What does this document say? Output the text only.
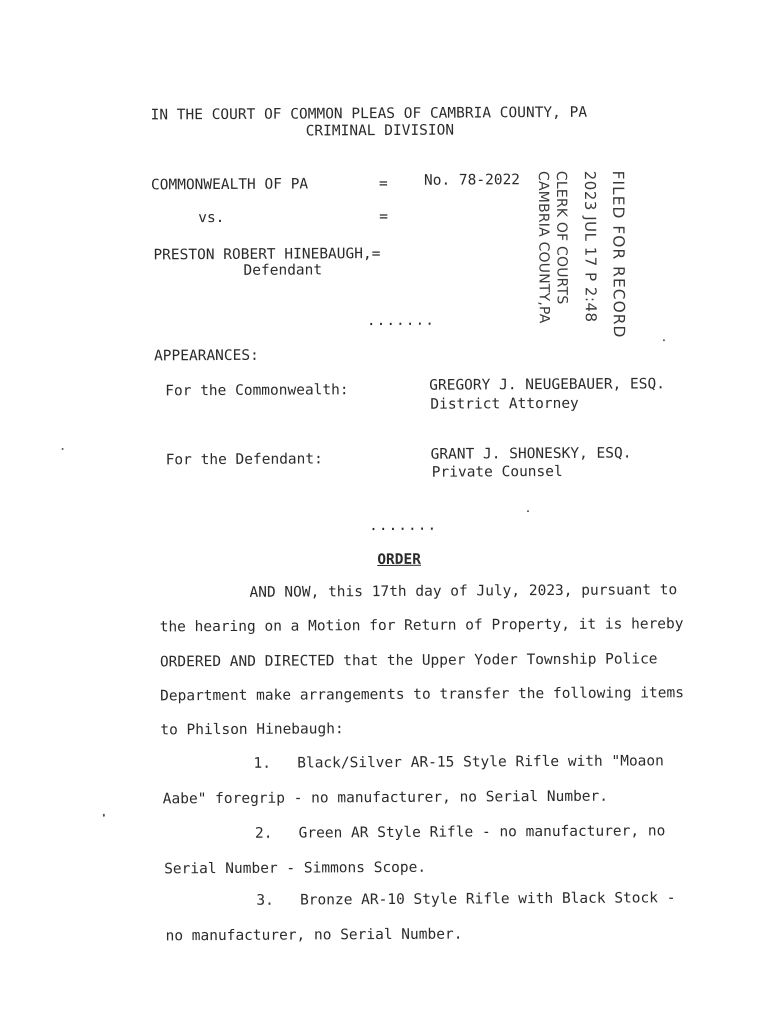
IN THE COURT OF COMMON PLEAS OF CAMBRIA COUNTY, PA
CRIMINAL DIVISION
COMMONWEALTH OF PA	= No. 78-2022
vs.	=
PRESTON ROBERT HINEBAUGH,=
Defendant
.......	FILED FOR RECORD
2023 JUL 17 P 2:48
CLERK OF COURTS
CAMBRIA COUNTY,PA
APPEARANCES:
For the Commonwealth:	GREGORY J. NEUGEBAUER, ESQ.
District Attorney
For the Defendant:	GRANT J. SHONESKY, ESQ.
Private Counsel
.......
ORDER
AND NOW, this 17th day of July, 2023, pursuant to
the hearing on a Motion for Return of Property, it is hereby
ORDERED AND DIRECTED that the Upper Yoder Township Police
Department make arrangements to transfer the following items
to Philson Hinebaugh:
1. Black/Silver AR-15 Style Rifle with "Moaon
Aabe" foregrip - no manufacturer, no Serial Number.
2. Green AR Style Rifle - no manufacturer, no
Serial Number - Simmons Scope.
3. Bronze AR-10 Style Rifle with Black Stock -
no manufacturer, no Serial Number.
